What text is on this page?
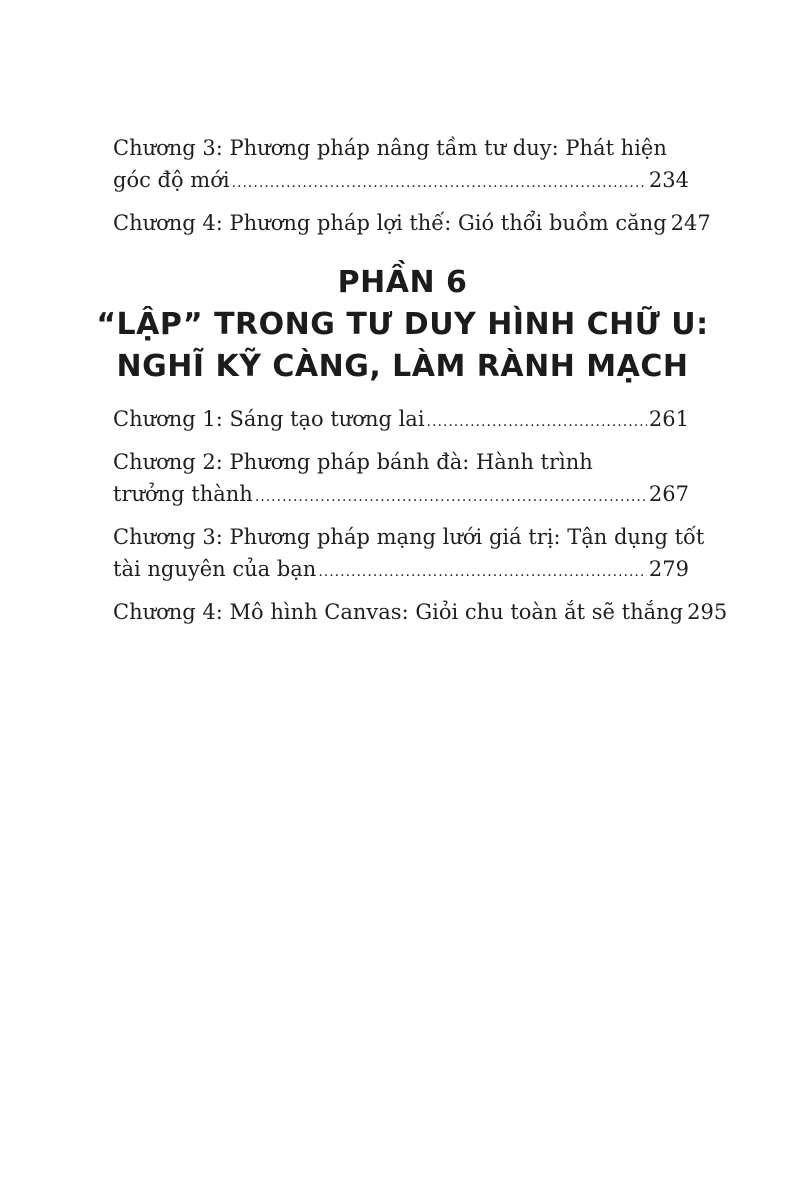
Chương 3: Phương pháp nâng tầm tư duy: Phát hiện
góc độ mới .....	234
Chương 4: Phương pháp lợi thế: Gió thổi buồm căng 247
PHẦN 6
“LẬP” TRONG TƯ DUY HÌNH CHỮ U:
NGHĨ KỸ CÀNG, LÀM RÀNH MẠCH
Chương 1: Sáng tạo tương lai .....	261
Chương 2: Phương pháp bánh đà: Hành trình
trưởng thành .....	267
Chương 3: Phương pháp mạng lưới giá trị: Tận dụng tốt
tài nguyên của bạn .....	279
Chương 4: Mô hình Canvas: Giỏi chu toàn ắt sẽ thắng 295
